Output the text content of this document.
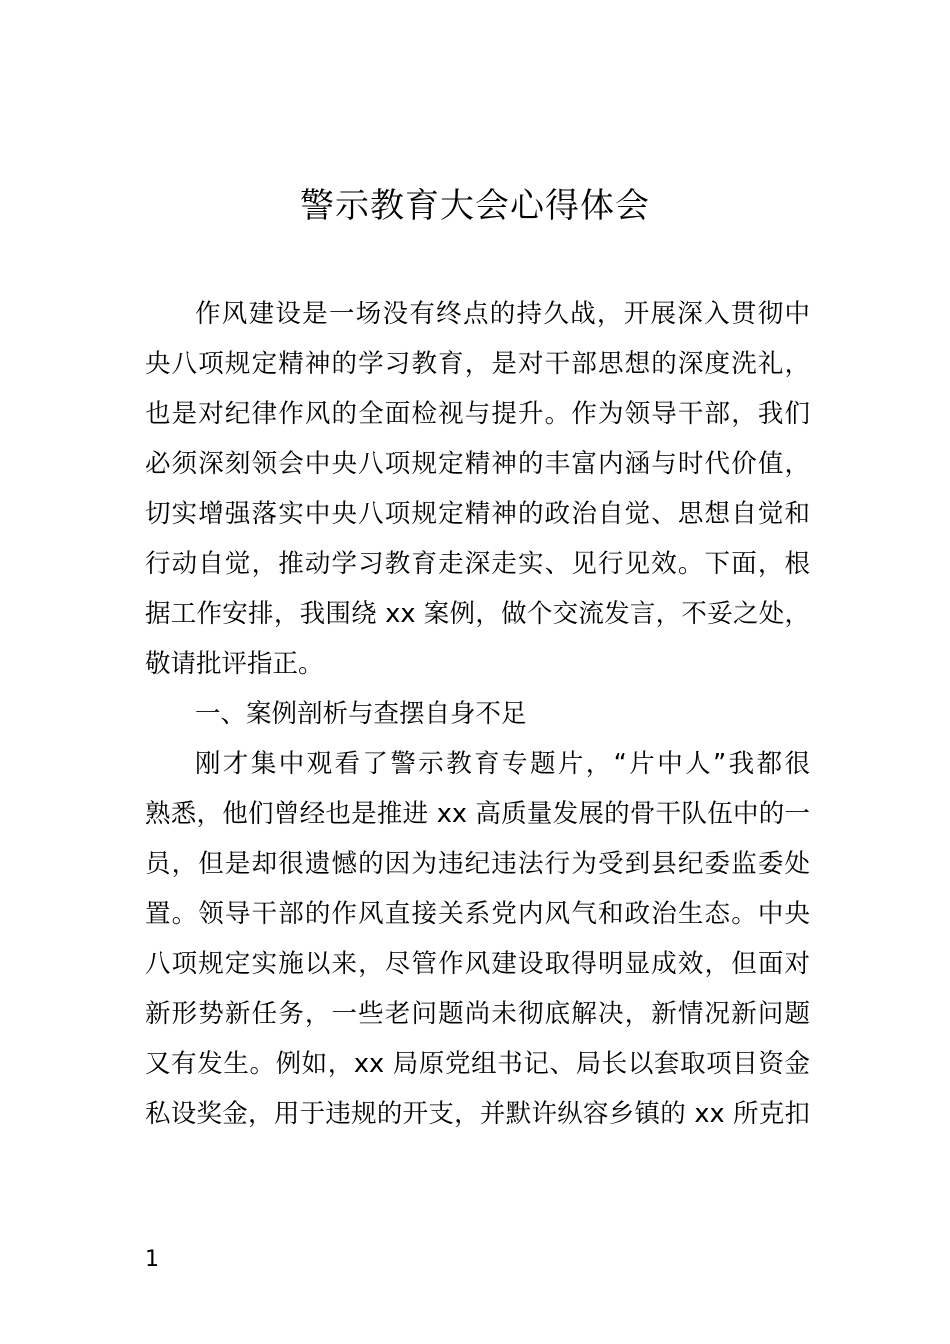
警示教育大会心得体会
作风建设是一场没有终点的持久战，开展深入贯彻中
央八项规定精神的学习教育，是对干部思想的深度洗礼，
也是对纪律作风的全面检视与提升。作为领导干部，我们
必须深刻领会中央八项规定精神的丰富内涵与时代价值，
切实增强落实中央八项规定精神的政治自觉、思想自觉和
行动自觉，推动学习教育走深走实、见行见效。下面，根
据工作安排，我围绕 xx 案例，做个交流发言，不妥之处，
敬请批评指正。
一、案例剖析与查摆自身不足
刚才集中观看了警示教育专题片，“片中人”我都很
熟悉，他们曾经也是推进 xx 高质量发展的骨干队伍中的一
员，但是却很遗憾的因为违纪违法行为受到县纪委监委处
置。领导干部的作风直接关系党内风气和政治生态。中央
八项规定实施以来，尽管作风建设取得明显成效，但面对
新形势新任务，一些老问题尚未彻底解决，新情况新问题
又有发生。例如，xx 局原党组书记、局长以套取项目资金
私设奖金，用于违规的开支，并默许纵容乡镇的 xx 所克扣
1
